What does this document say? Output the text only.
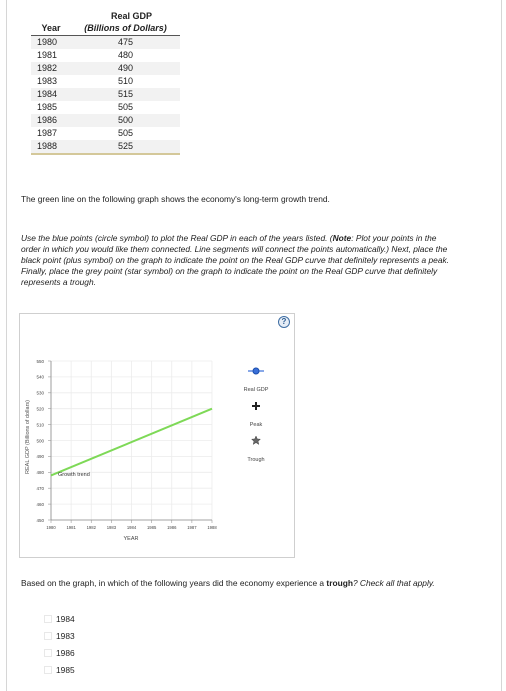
Real GDP
Year	(Billions of Dollars)
1980	475
1981	480
1982	490
1983	510
1984	515
1985	505
1986	500
1987	505
1988	525
The green line on the following graph shows the economy's long-term growth trend.
Use the blue points (circle symbol) to plot the Real GDP in each of the years listed. (Note: Plot your points in the order in which you would like them connected. Line segments will connect the points automatically.) Next, place the black point (plus symbol) on the graph to indicate the point on the Real GDP curve that definitely represents a peak. Finally, place the grey point (star symbol) on the graph to indicate the point on the Real GDP curve that definitely represents a trough.
?
450
460
470
480
490
500
510
520
530
540
550
1980	1981	1982	1983	1984	1985	1986	1987	1988
Growth trend
REAL GDP (Billions of dollars)
YEAR
Real GDP
Peak
Trough
Based on the graph, in which of the following years did the economy experience a trough? Check all that apply.
1984
1983
1986
1985
